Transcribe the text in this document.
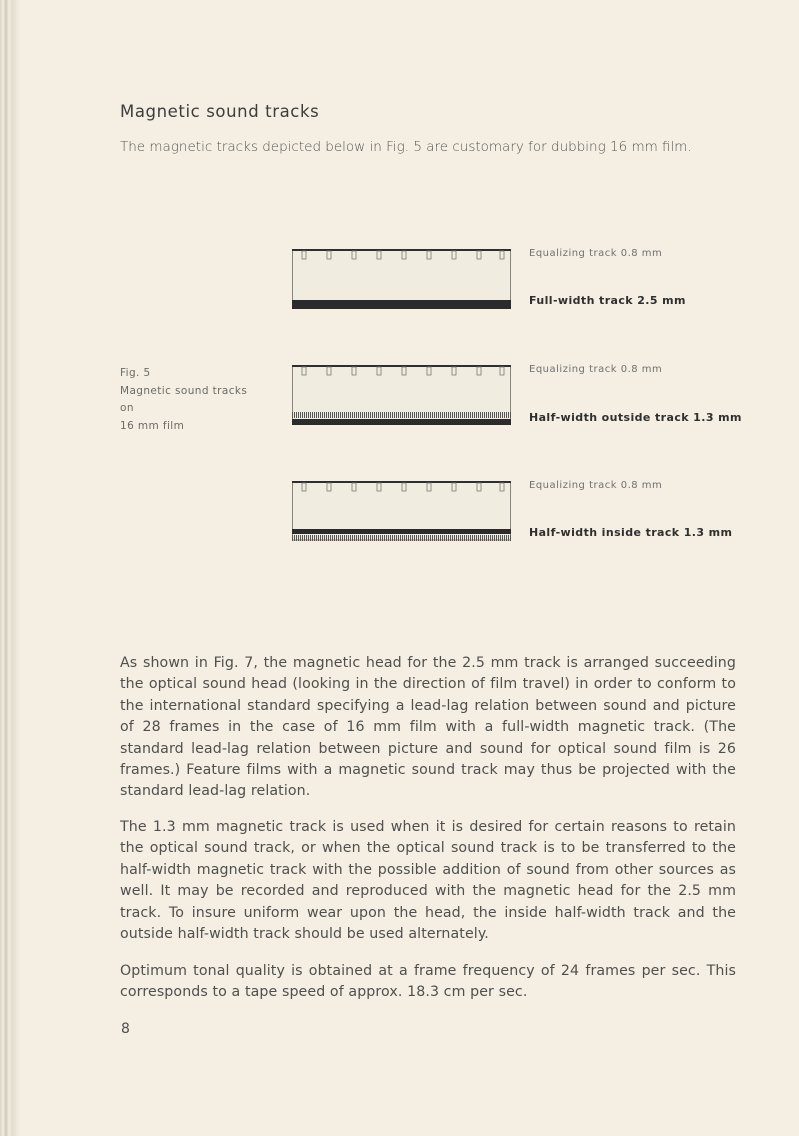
Magnetic sound tracks

The magnetic tracks depicted below in Fig. 5 are customary for dubbing 16 mm film.

Fig. 5
Magnetic sound tracks
on
16 mm film
Equalizing track 0.8 mm
Full-width track 2.5 mm
Equalizing track 0.8 mm
Half-width outside track 1.3 mm
Equalizing track 0.8 mm
Half-width inside track 1.3 mm

As shown in Fig. 7, the magnetic head for the 2.5 mm track is arranged succeeding the optical sound head (looking in the direction of film travel) in order to conform to the international standard specifying a lead-lag relation between sound and picture of 28 frames in the case of 16 mm film with a full-width magnetic track. (The standard lead-lag relation between picture and sound for optical sound film is 26 frames.) Feature films with a magnetic sound track may thus be projected with the standard lead-lag relation.

The 1.3 mm magnetic track is used when it is desired for certain reasons to retain the optical sound track, or when the optical sound track is to be transferred to the half-width magnetic track with the possible addition of sound from other sources as well. It may be recorded and reproduced with the magnetic head for the 2.5 mm track. To insure uniform wear upon the head, the inside half-width track and the outside half-width track should be used alternately.

Optimum tonal quality is obtained at a frame frequency of 24 frames per sec. This corresponds to a tape speed of approx. 18.3 cm per sec.

8
